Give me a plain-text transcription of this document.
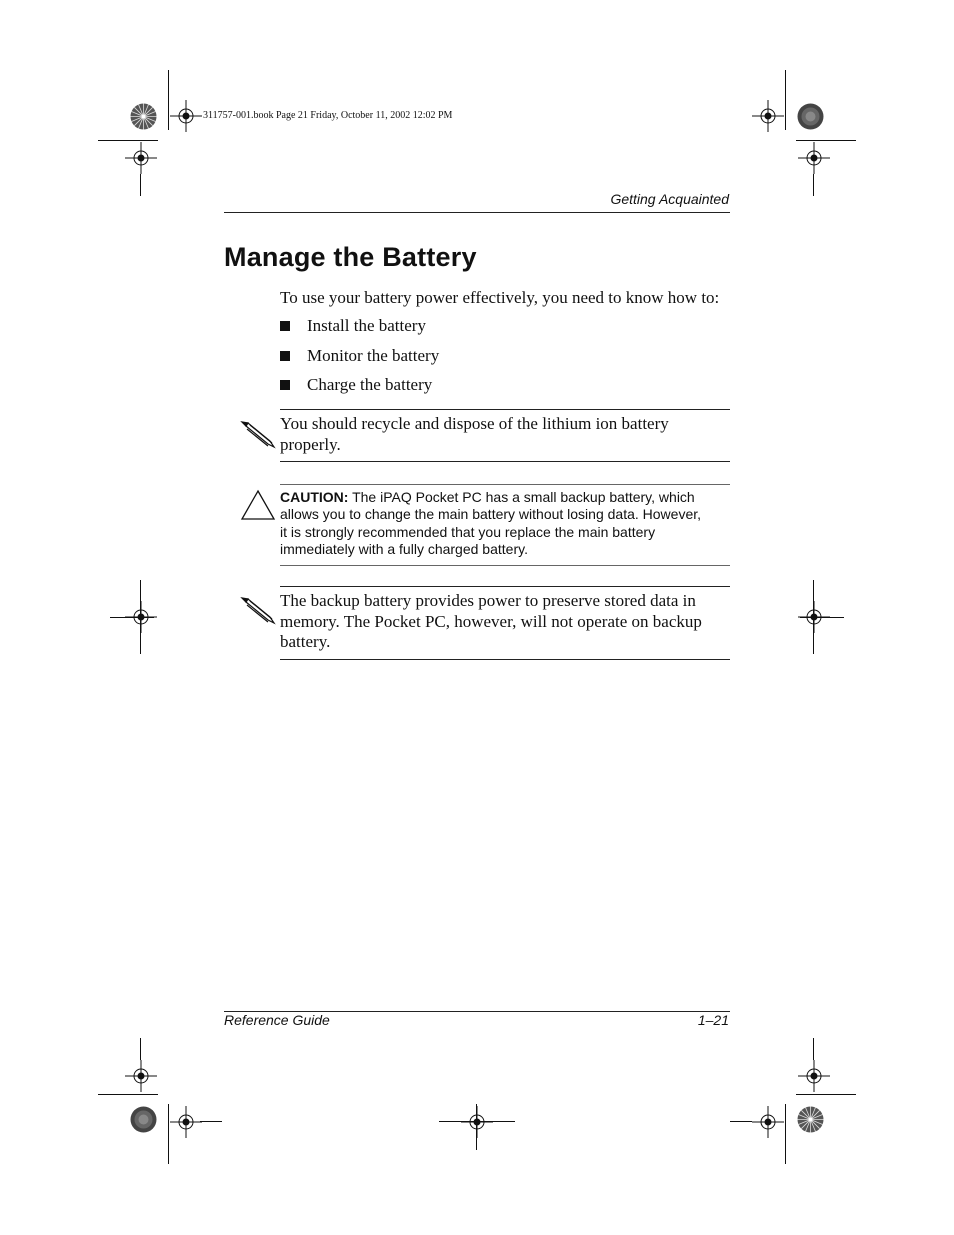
311757-001.book Page 21 Friday, October 11, 2002 12:02 PM
Getting Acquainted
Manage the Battery
To use your battery power effectively, you need to know how to:
Install the battery
Monitor the battery
Charge the battery
You should recycle and dispose of the lithium ion battery properly.
CAUTION: The iPAQ Pocket PC has a small backup battery, which allows you to change the main battery without losing data. However, it is strongly recommended that you replace the main battery immediately with a fully charged battery.
The backup battery provides power to preserve stored data in memory. The Pocket PC, however, will not operate on backup battery.
Reference Guide	1–21
